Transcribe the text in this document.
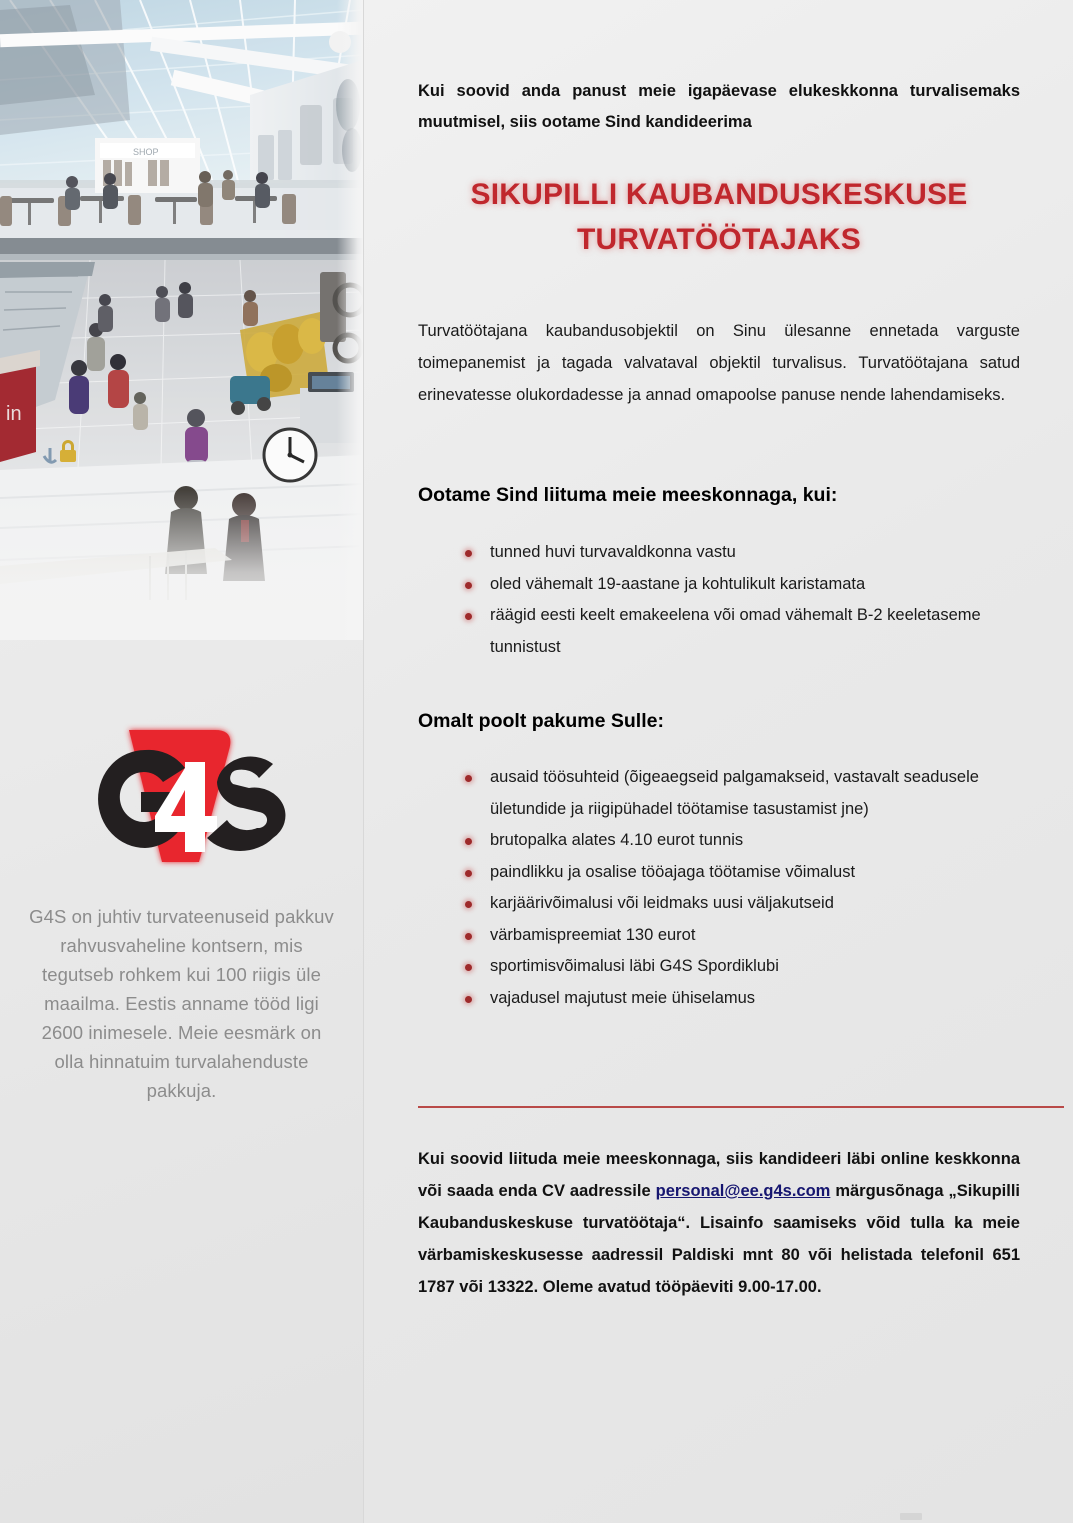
SHOP
in
G4S on juhtiv turvateenuseid pakkuv rahvusvaheline kontsern, mis tegutseb rohkem kui 100 riigis üle maailma. Eestis anname tööd ligi 2600 inimesele. Meie eesmärk on olla hinnatuim turvalahenduste pakkuja.
Kui soovid anda panust meie igapäevase elukeskkonna turvalisemaks muutmisel, siis ootame Sind kandideerima
SIKUPILLI KAUBANDUSKESKUSE
TURVATÖÖTAJAKS
Turvatöötajana kaubandusobjektil on Sinu ülesanne ennetada varguste toimepanemist ja tagada valvataval objektil turvalisus. Turvatöötajana satud erinevatesse olukordadesse ja annad omapoolse panuse nende lahendamiseks.
Ootame Sind liituma meie meeskonnaga, kui:
tunned huvi turvavaldkonna vastu
oled vähemalt 19-aastane ja kohtulikult karistamata
räägid eesti keelt emakeelena või omad vähemalt B-2 keeletaseme tunnistust
Omalt poolt pakume Sulle:
ausaid töösuhteid (õigeaegseid palgamakseid, vastavalt seadusele ületundide ja riigipühadel töötamise tasustamist jne)
brutopalka alates 4.10 eurot tunnis
paindlikku ja osalise tööajaga töötamise võimalust
karjäärivõimalusi või leidmaks uusi väljakutseid
värbamispreemiat 130 eurot
sportimisvõimalusi läbi G4S Spordiklubi
vajadusel majutust meie ühiselamus
Kui soovid liituda meie meeskonnaga, siis kandideeri läbi online keskkonna või saada enda CV aadressile personal@ee.g4s.com märgusõnaga „Sikupilli Kaubanduskeskuse turvatöötaja“. Lisainfo saamiseks võid tulla ka meie värbamiskeskusesse aadressil Paldiski mnt 80 või helistada telefonil 651 1787 või 13322. Oleme avatud tööpäeviti 9.00-17.00.
